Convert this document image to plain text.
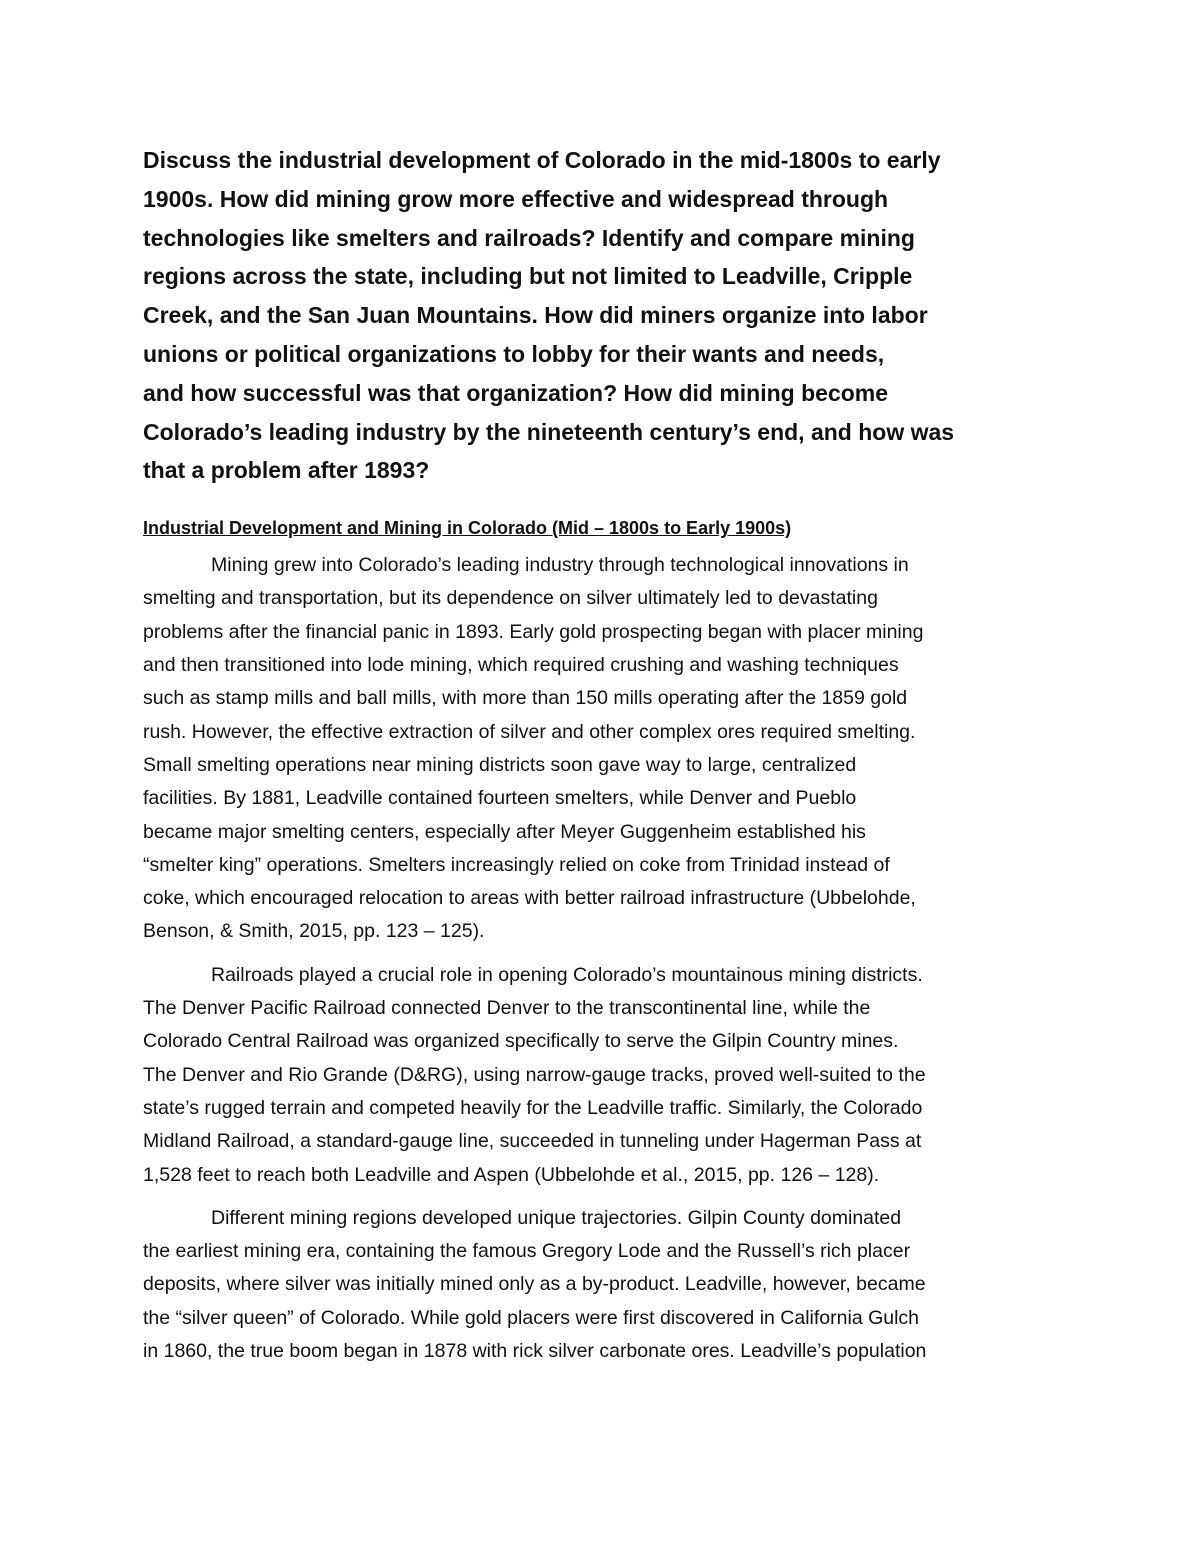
Discuss the industrial development of Colorado in the mid-1800s to early
1900s. How did mining grow more effective and widespread through
technologies like smelters and railroads? Identify and compare mining
regions across the state, including but not limited to Leadville, Cripple
Creek, and the San Juan Mountains. How did miners organize into labor
unions or political organizations to lobby for their wants and needs,
and how successful was that organization? How did mining become
Colorado’s leading industry by the nineteenth century’s end, and how was
that a problem after 1893?

Industrial Development and Mining in Colorado (Mid – 1800s to Early 1900s)

Mining grew into Colorado’s leading industry through technological innovations in
smelting and transportation, but its dependence on silver ultimately led to devastating
problems after the financial panic in 1893. Early gold prospecting began with placer mining
and then transitioned into lode mining, which required crushing and washing techniques
such as stamp mills and ball mills, with more than 150 mills operating after the 1859 gold
rush. However, the effective extraction of silver and other complex ores required smelting.
Small smelting operations near mining districts soon gave way to large, centralized
facilities. By 1881, Leadville contained fourteen smelters, while Denver and Pueblo
became major smelting centers, especially after Meyer Guggenheim established his
“smelter king” operations. Smelters increasingly relied on coke from Trinidad instead of
coke, which encouraged relocation to areas with better railroad infrastructure (Ubbelohde,
Benson, & Smith, 2015, pp. 123 – 125).

Railroads played a crucial role in opening Colorado’s mountainous mining districts.
The Denver Pacific Railroad connected Denver to the transcontinental line, while the
Colorado Central Railroad was organized specifically to serve the Gilpin Country mines.
The Denver and Rio Grande (D&RG), using narrow-gauge tracks, proved well-suited to the
state’s rugged terrain and competed heavily for the Leadville traffic. Similarly, the Colorado
Midland Railroad, a standard-gauge line, succeeded in tunneling under Hagerman Pass at
1,528 feet to reach both Leadville and Aspen (Ubbelohde et al., 2015, pp. 126 – 128).

Different mining regions developed unique trajectories. Gilpin County dominated
the earliest mining era, containing the famous Gregory Lode and the Russell’s rich placer
deposits, where silver was initially mined only as a by-product. Leadville, however, became
the “silver queen” of Colorado. While gold placers were first discovered in California Gulch
in 1860, the true boom began in 1878 with rick silver carbonate ores. Leadville’s population
